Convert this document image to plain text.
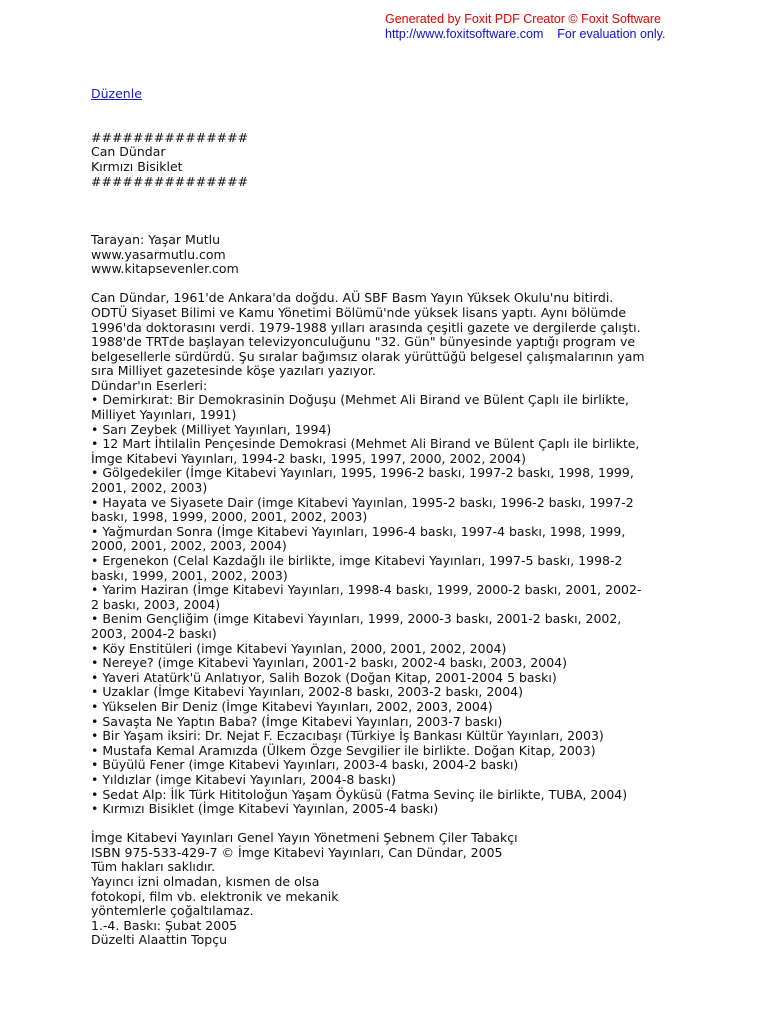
Generated by Foxit PDF Creator © Foxit Software
http://www.foxitsoftware.com For evaluation only.
Düzenle
###############
Can Dündar
Kırmızı Bisiklet
###############
Tarayan: Yaşar Mutlu
www.yasarmutlu.com
www.kitapsevenler.com
Can Dündar, 1961'de Ankara'da doğdu. AÜ SBF Basm Yayın Yüksek Okulu'nu bitirdi.
ODTÜ Siyaset Bilimi ve Kamu Yönetimi Bölümü'nde yüksek lisans yaptı. Aynı bölümde
1996'da doktorasını verdi. 1979-1988 yılları arasında çeşitli gazete ve dergilerde çalıştı.
1988'de TRTde başlayan televizyonculuğunu "32. Gün" bünyesinde yaptığı program ve
belgesellerle sürdürdü. Şu sıralar bağımsız olarak yürüttüğü belgesel çalışmalarının yam
sıra Milliyet gazetesinde köşe yazıları yazıyor.
Dündar'ın Eserleri:
• Demirkırat: Bir Demokrasinin Doğuşu (Mehmet Ali Birand ve Bülent Çaplı ile birlikte,
Milliyet Yayınları, 1991)
• Sarı Zeybek (Milliyet Yayınları, 1994)
• 12 Mart İhtilalin Pençesinde Demokrasi (Mehmet Ali Birand ve Bülent Çaplı ile birlikte,
İmge Kitabevi Yayınları, 1994-2 baskı, 1995, 1997, 2000, 2002, 2004)
• Gölgedekiler (İmge Kitabevi Yayınları, 1995, 1996-2 baskı, 1997-2 baskı, 1998, 1999,
2001, 2002, 2003)
• Hayata ve Siyasete Dair (imge Kitabevi Yayınlan, 1995-2 baskı, 1996-2 baskı, 1997-2
baskı, 1998, 1999, 2000, 2001, 2002, 2003)
• Yağmurdan Sonra (İmge Kitabevi Yayınları, 1996-4 baskı, 1997-4 baskı, 1998, 1999,
2000, 2001, 2002, 2003, 2004)
• Ergenekon (Celal Kazdağlı ile birlikte, imge Kitabevi Yayınları, 1997-5 baskı, 1998-2
baskı, 1999, 2001, 2002, 2003)
• Yarim Haziran (İmge Kitabevi Yayınları, 1998-4 baskı, 1999, 2000-2 baskı, 2001, 2002-
2 baskı, 2003, 2004)
• Benim Gençliğim (imge Kitabevi Yayınları, 1999, 2000-3 baskı, 2001-2 baskı, 2002,
2003, 2004-2 baskı)
• Köy Enstitüleri (imge Kitabevi Yayınlan, 2000, 2001, 2002, 2004)
• Nereye? (imge Kitabevi Yayınları, 2001-2 baskı, 2002-4 baskı, 2003, 2004)
• Yaveri Atatürk'ü Anlatıyor, Salih Bozok (Doğan Kitap, 2001-2004 5 baskı)
• Uzaklar (İmge Kitabevi Yayınları, 2002-8 baskı, 2003-2 baskı, 2004)
• Yükselen Bir Deniz (İmge Kitabevi Yayınları, 2002, 2003, 2004)
• Savaşta Ne Yaptın Baba? (İmge Kitabevi Yayınları, 2003-7 baskı)
• Bir Yaşam iksiri: Dr. Nejat F. Eczacıbaşı (Türkiye İş Bankası Kültür Yayınları, 2003)
• Mustafa Kemal Aramızda (Ülkem Özge Sevgilier ile birlikte. Doğan Kitap, 2003)
• Büyülü Fener (imge Kitabevi Yayınları, 2003-4 baskı, 2004-2 baskı)
• Yıldızlar (imge Kitabevi Yayınları, 2004-8 baskı)
• Sedat Alp: İlk Türk Hititoloğun Yaşam Öyküsü (Fatma Sevinç ile birlikte, TUBA, 2004)
• Kırmızı Bisiklet (İmge Kitabevi Yayınlan, 2005-4 baskı)
İmge Kitabevi Yayınları Genel Yayın Yönetmeni Şebnem Çiler Tabakçı
ISBN 975-533-429-7 © İmge Kitabevi Yayınları, Can Dündar, 2005
Tüm hakları saklıdır.
Yayıncı izni olmadan, kısmen de olsa
fotokopi, film vb. elektronik ve mekanik
yöntemlerle çoğaltılamaz.
1.-4. Baskı: Şubat 2005
Düzelti Alaattin Topçu
